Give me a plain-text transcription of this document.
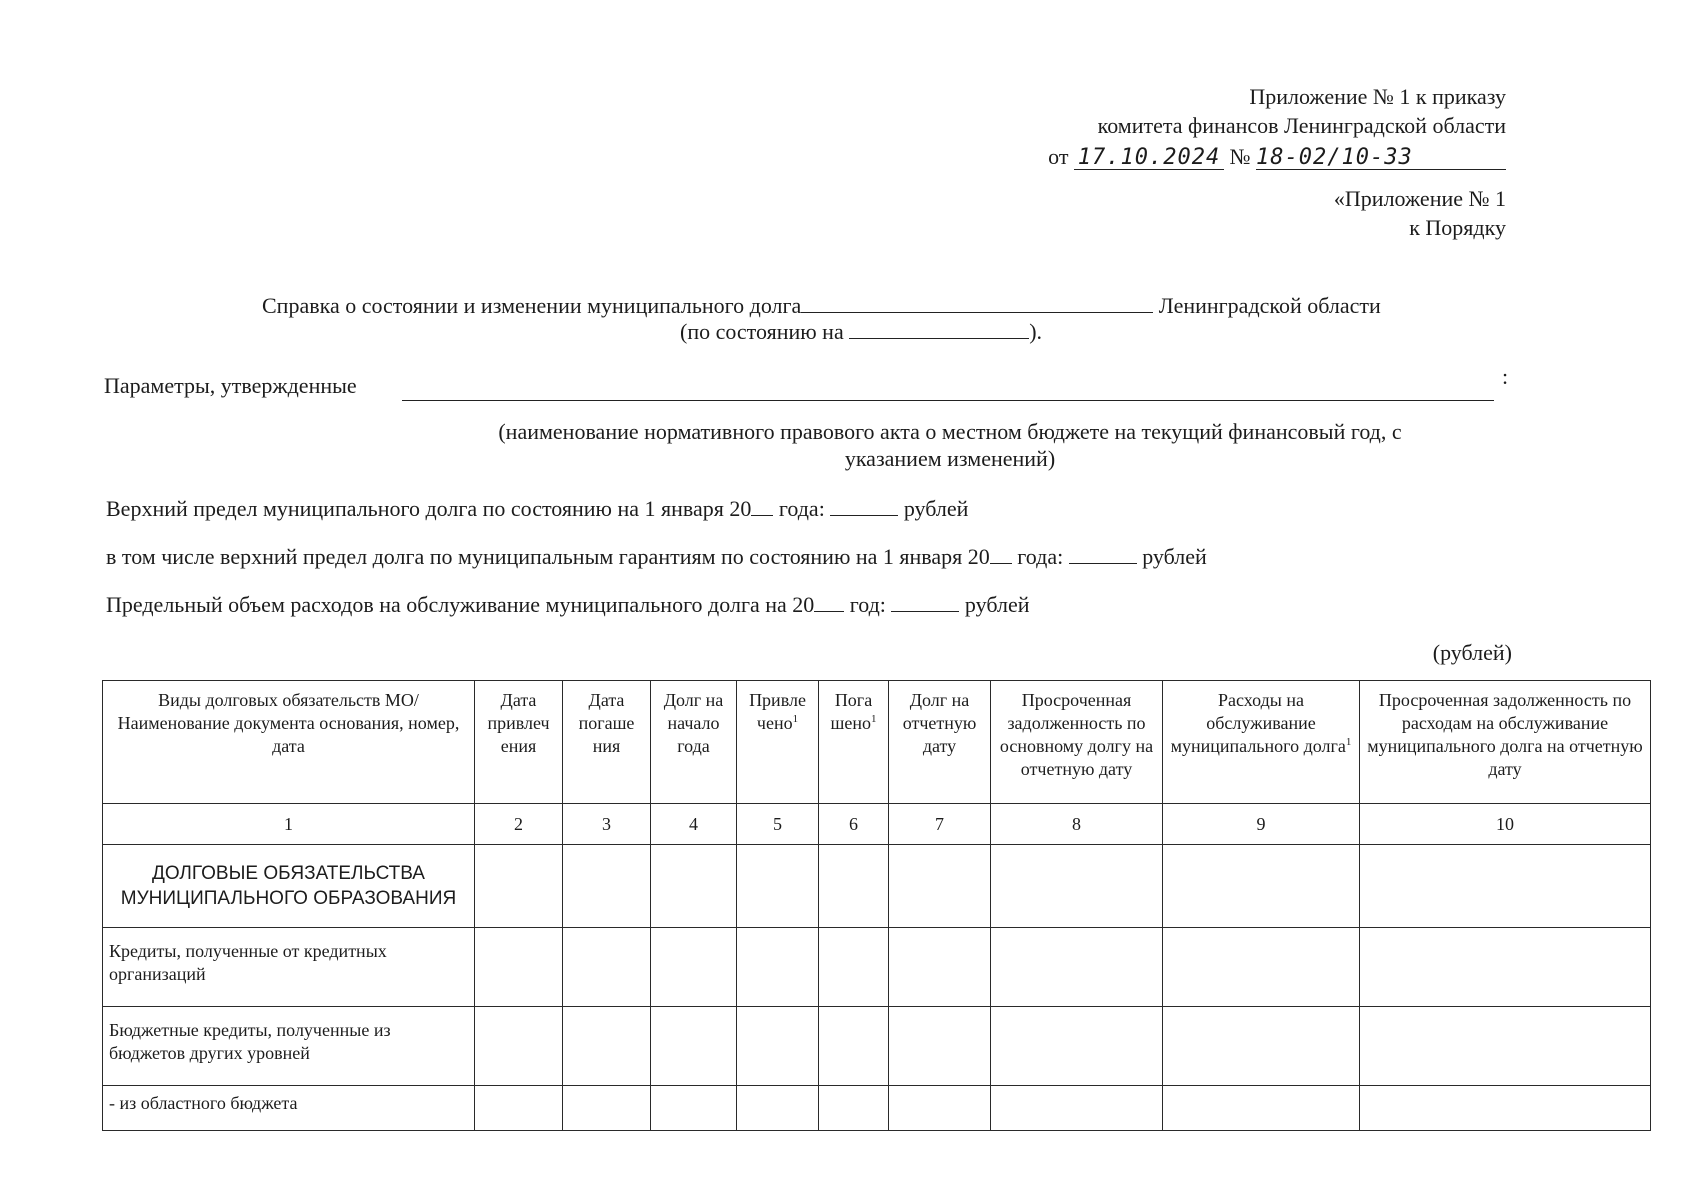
Приложение № 1 к приказу
комитета финансов Ленинградской области
от 17.10.2024 № 18-02/10-33
«Приложение № 1
к Порядку
Справка о состоянии и изменении муниципального долга	Ленинградской области
(по состоянию на	).
Параметры, утвержденные	:
(наименование нормативного правового акта о местном бюджете на текущий финансовый год, с
указанием изменений)
Верхний предел муниципального долга по состоянию на 1 января 20 года:	рублей
в том числе верхний предел долга по муниципальным гарантиям по состоянию на 1 января 20 года:	рублей
Предельный объем расходов на обслуживание муниципального долга на 20 год:	рублей
(рублей)
Виды долговых обязательств МО/ Наименование документа основания, номер, дата	Дата привлеч ения	Дата погаше ния	Долг на начало года	Привле чено$^1$	Пога шено$^1$	Долг на отчетную дату	Просроченная задолженность по основному долгу на отчетную дату	Расходы на обслуживание муниципального долга$^1$	Просроченная задолженность по расходам на обслуживание муниципального долга на отчетную дату
1	2	3	4	5	6	7	8	9	10
ДОЛГОВЫЕ ОБЯЗАТЕЛЬСТВА МУНИЦИПАЛЬНОГО ОБРАЗОВАНИЯ									
Кредиты, полученные от кредитных организаций									
Бюджетные кредиты, полученные из бюджетов других уровней									
- из областного бюджета									
